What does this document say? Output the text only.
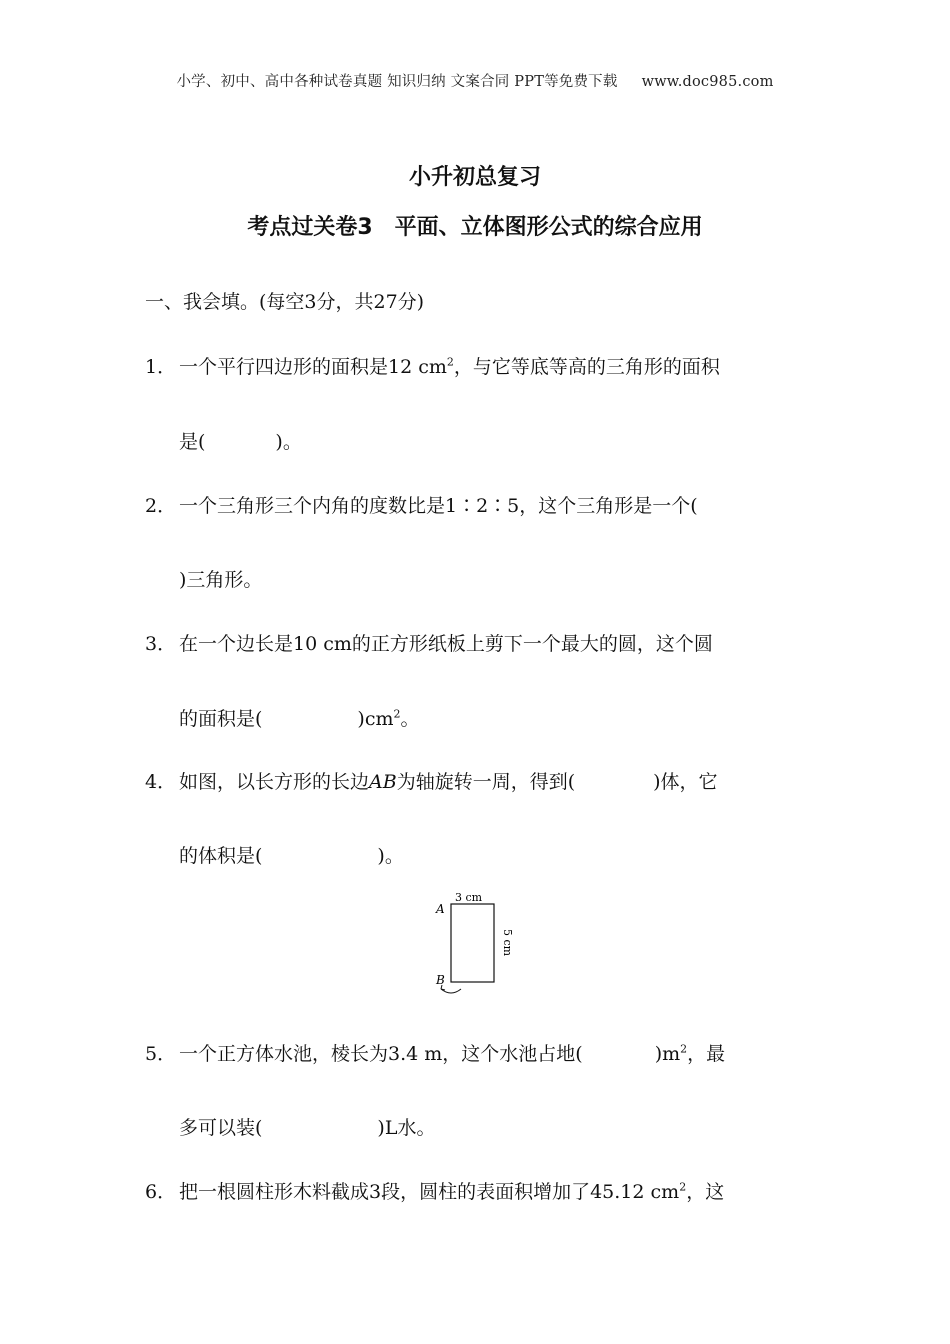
小学、初中、高中各种试卷真题 知识归纳 文案合同 PPT等免费下载 www.doc985.com
小升初总复习
考点过关卷3　平面、立体图形公式的综合应用
一、我会填。(每空3分，共27分)
1． 一个平行四边形的面积是12 $cm^2$，与它等底等高的三角形的面积
是(	)。
2． 一个三角形三个内角的度数比是1∶2∶5，这个三角形是一个(
)三角形。
3． 在一个边长是10 cm的正方形纸板上剪下一个最大的圆，这个圆
的面积是(	)$cm^2$。
4． 如图，以长方形的长边AB为轴旋转一周，得到(	)体，它
的体积是(	)。
3 cm
5 cm
A
B
5． 一个正方体水池，棱长为3.4 m，这个水池占地(	)$m^2$，最
多可以装(	)L水。
6． 把一根圆柱形木料截成3段，圆柱的表面积增加了45.12 $cm^2$，这
